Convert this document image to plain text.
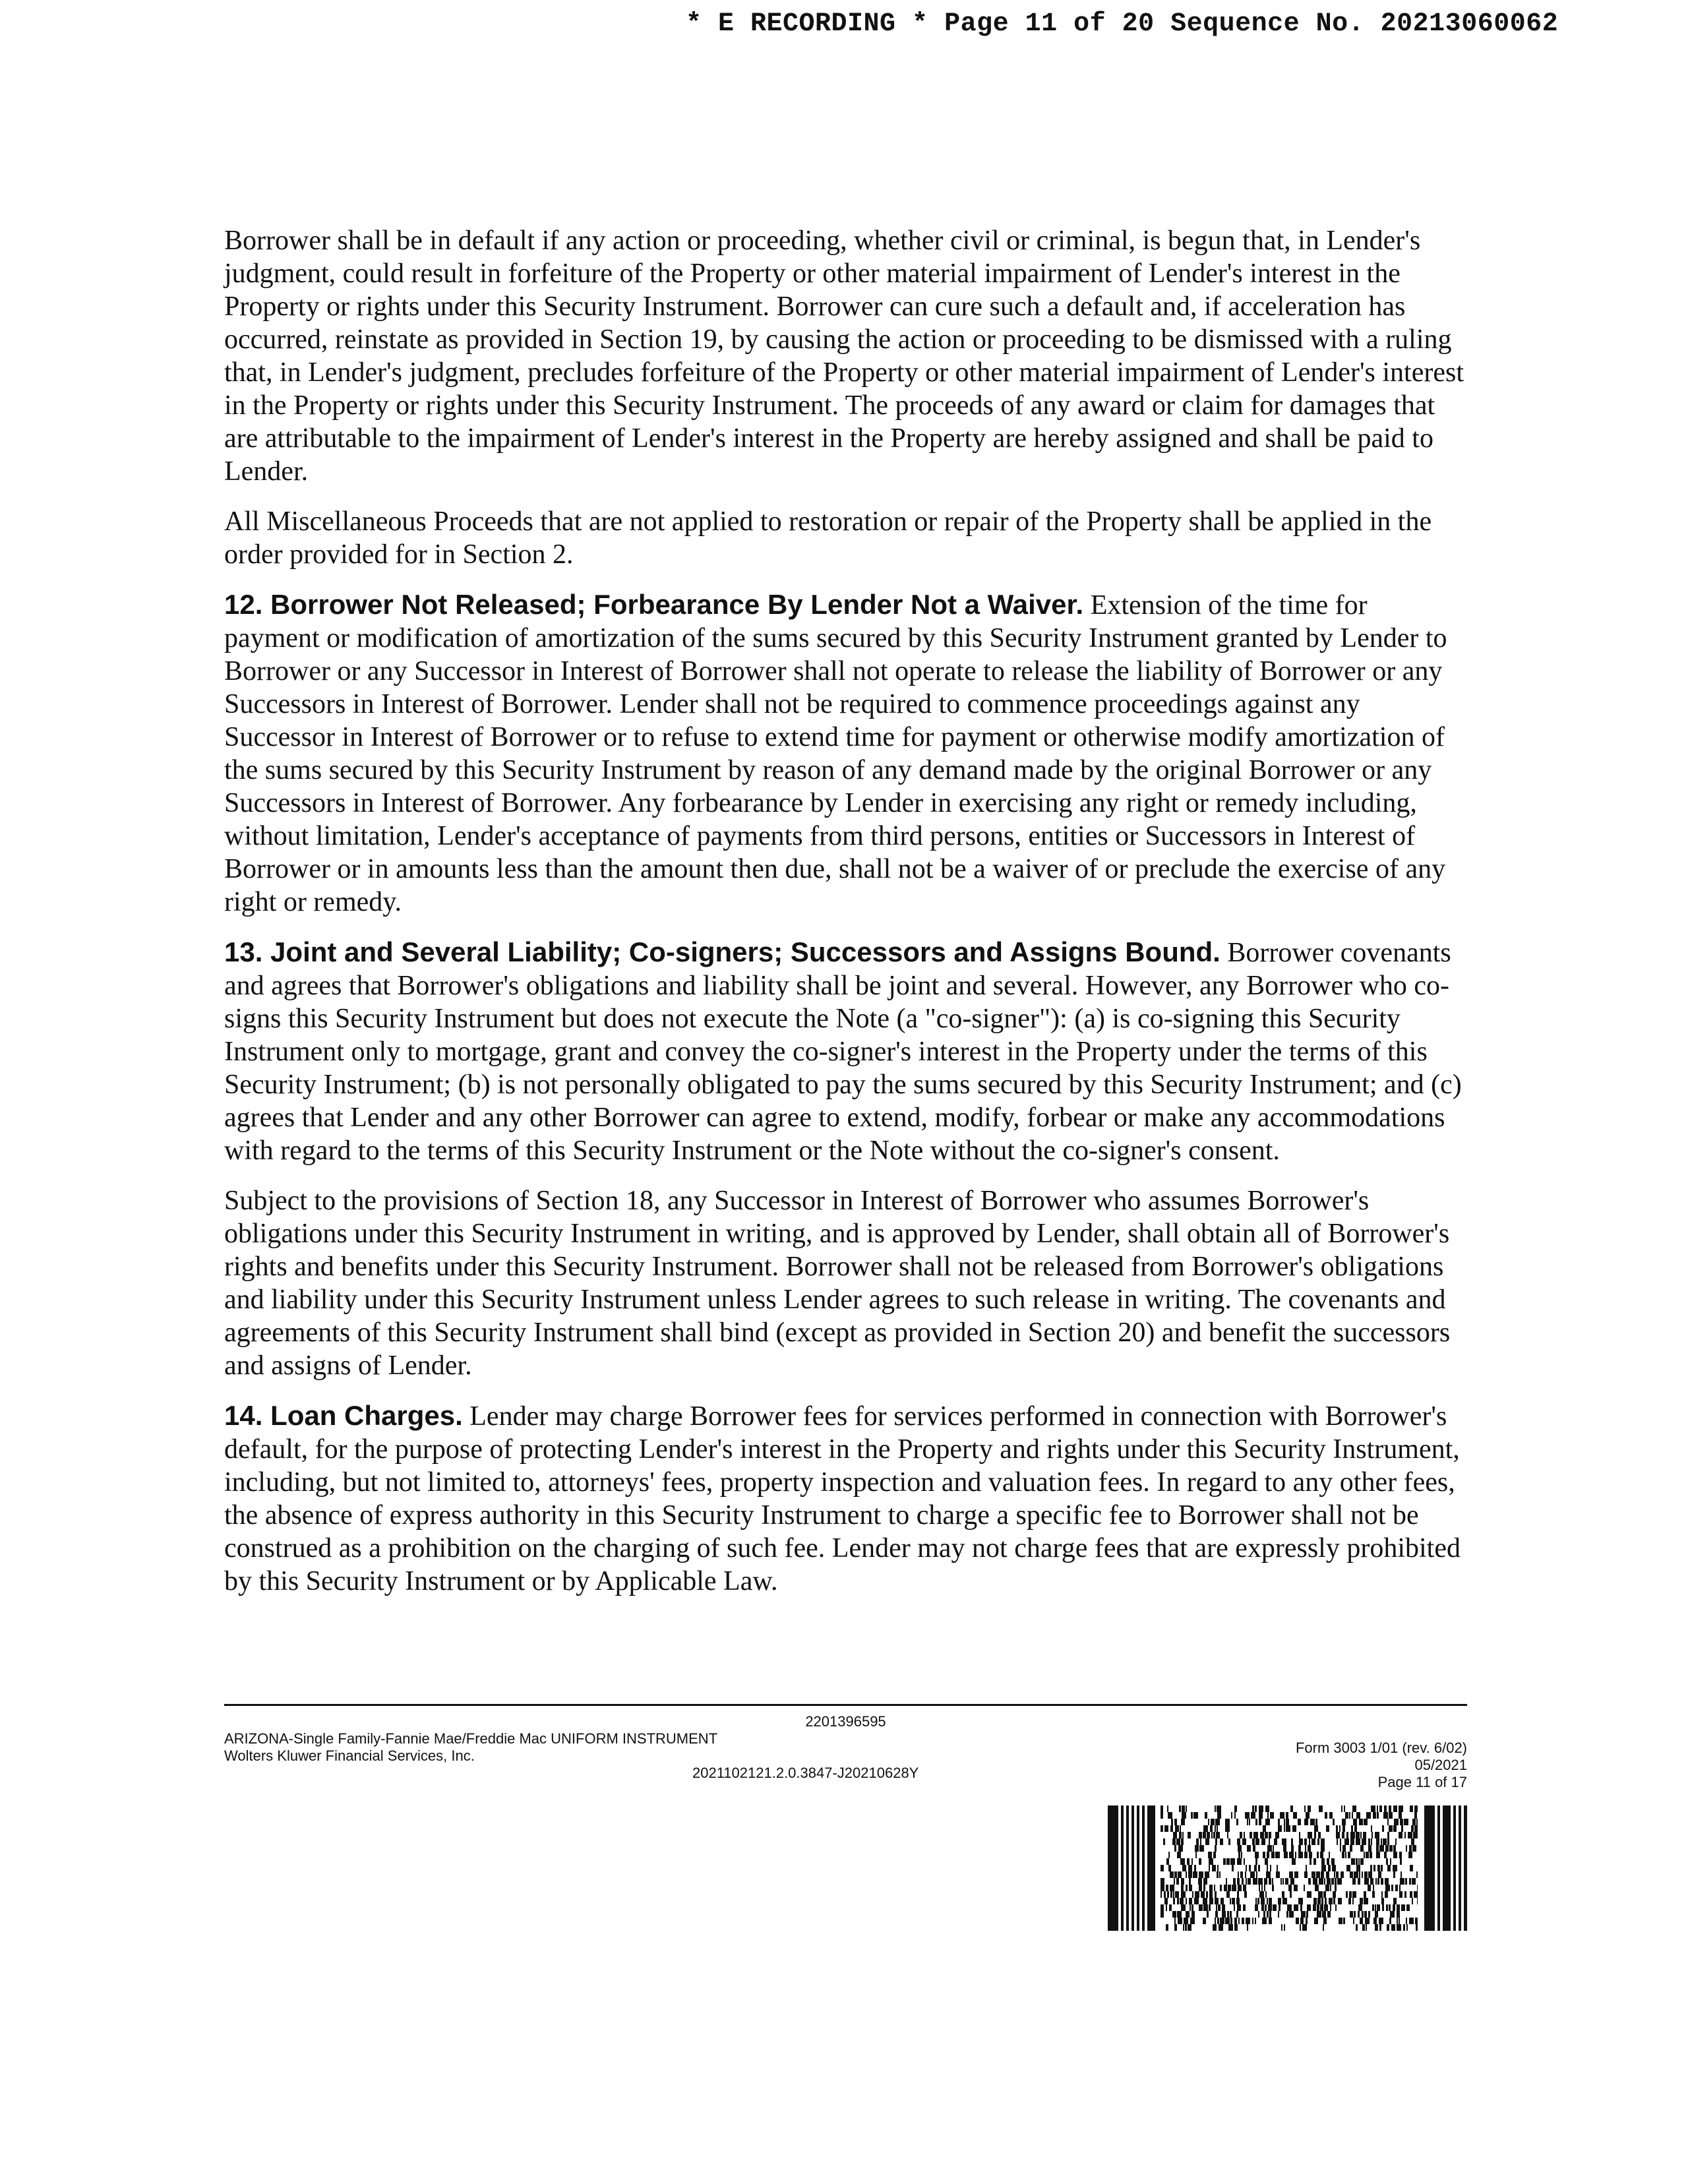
* E RECORDING * Page 11 of 20 Sequence No. 20213060062

Borrower shall be in default if any action or proceeding, whether civil or criminal, is begun that, in Lender's judgment, could result in forfeiture of the Property or other material impairment of Lender's interest in the Property or rights under this Security Instrument. Borrower can cure such a default and, if acceleration has occurred, reinstate as provided in Section 19, by causing the action or proceeding to be dismissed with a ruling that, in Lender's judgment, precludes forfeiture of the Property or other material impairment of Lender's interest in the Property or rights under this Security Instrument. The proceeds of any award or claim for damages that are attributable to the impairment of Lender's interest in the Property are hereby assigned and shall be paid to Lender.

All Miscellaneous Proceeds that are not applied to restoration or repair of the Property shall be applied in the order provided for in Section 2.

12. Borrower Not Released; Forbearance By Lender Not a Waiver. Extension of the time for payment or modification of amortization of the sums secured by this Security Instrument granted by Lender to Borrower or any Successor in Interest of Borrower shall not operate to release the liability of Borrower or any Successors in Interest of Borrower. Lender shall not be required to commence proceedings against any Successor in Interest of Borrower or to refuse to extend time for payment or otherwise modify amortization of the sums secured by this Security Instrument by reason of any demand made by the original Borrower or any Successors in Interest of Borrower. Any forbearance by Lender in exercising any right or remedy including, without limitation, Lender's acceptance of payments from third persons, entities or Successors in Interest of Borrower or in amounts less than the amount then due, shall not be a waiver of or preclude the exercise of any right or remedy.

13. Joint and Several Liability; Co-signers; Successors and Assigns Bound. Borrower covenants and agrees that Borrower's obligations and liability shall be joint and several. However, any Borrower who co-signs this Security Instrument but does not execute the Note (a "co-signer"): (a) is co-signing this Security Instrument only to mortgage, grant and convey the co-signer's interest in the Property under the terms of this Security Instrument; (b) is not personally obligated to pay the sums secured by this Security Instrument; and (c) agrees that Lender and any other Borrower can agree to extend, modify, forbear or make any accommodations with regard to the terms of this Security Instrument or the Note without the co-signer's consent.

Subject to the provisions of Section 18, any Successor in Interest of Borrower who assumes Borrower's obligations under this Security Instrument in writing, and is approved by Lender, shall obtain all of Borrower's rights and benefits under this Security Instrument. Borrower shall not be released from Borrower's obligations and liability under this Security Instrument unless Lender agrees to such release in writing. The covenants and agreements of this Security Instrument shall bind (except as provided in Section 20) and benefit the successors and assigns of Lender.

14. Loan Charges. Lender may charge Borrower fees for services performed in connection with Borrower's default, for the purpose of protecting Lender's interest in the Property and rights under this Security Instrument, including, but not limited to, attorneys' fees, property inspection and valuation fees. In regard to any other fees, the absence of express authority in this Security Instrument to charge a specific fee to Borrower shall not be construed as a prohibition on the charging of such fee. Lender may not charge fees that are expressly prohibited by this Security Instrument or by Applicable Law.

2201396595
ARIZONA-Single Family-Fannie Mae/Freddie Mac UNIFORM INSTRUMENT
Wolters Kluwer Financial Services, Inc.
2021102121.2.0.3847-J20210628Y
Form 3003 1/01 (rev. 6/02)
05/2021
Page 11 of 17
